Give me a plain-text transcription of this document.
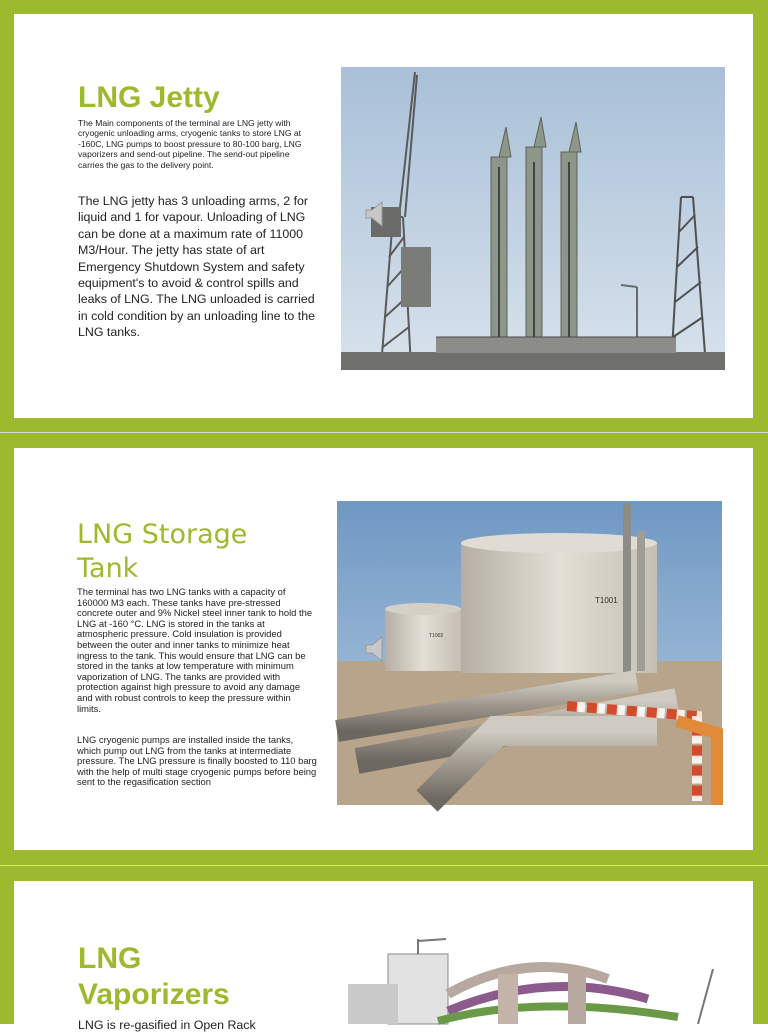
LNG Jetty

The Main components of the terminal are LNG jetty with cryogenic unloading arms, cryogenic tanks to store LNG at -160C, LNG pumps to boost pressure to 80-100 barg, LNG vaporizers and send-out pipeline. The send-out pipeline carries the gas to the delivery point.

The LNG jetty has 3 unloading arms, 2 for liquid and 1 for vapour. Unloading of LNG can be done at a maximum rate of 11000 M3/Hour. The jetty has state of art Emergency Shutdown System and safety equipment's to avoid & control spills and leaks of LNG. The LNG unloaded is carried in cold condition by an unloading line to the LNG tanks.

LNG Storage
Tank

The terminal has two LNG tanks with a capacity of 160000 M3 each. These tanks have pre-stressed concrete outer and 9% Nickel steel inner tank to hold the LNG at -160 °C. LNG is stored in the tanks at atmospheric pressure. Cold insulation is provided between the outer and inner tanks to minimize heat ingress to the tank. This would ensure that LNG can be stored in the tanks at low temperature with minimum vaporization of LNG. The tanks are provided with protection against high pressure to avoid any damage and with robust controls to keep the pressure within limits.

LNG cryogenic pumps are installed inside the tanks, which pump out LNG from the tanks at intermediate pressure. The LNG pressure is finally boosted to 110 barg with the help of multi stage cryogenic pumps before being sent to the regasification section

T1001
T1002
LNG
Vaporizers

LNG is re-gasified in Open Rack
